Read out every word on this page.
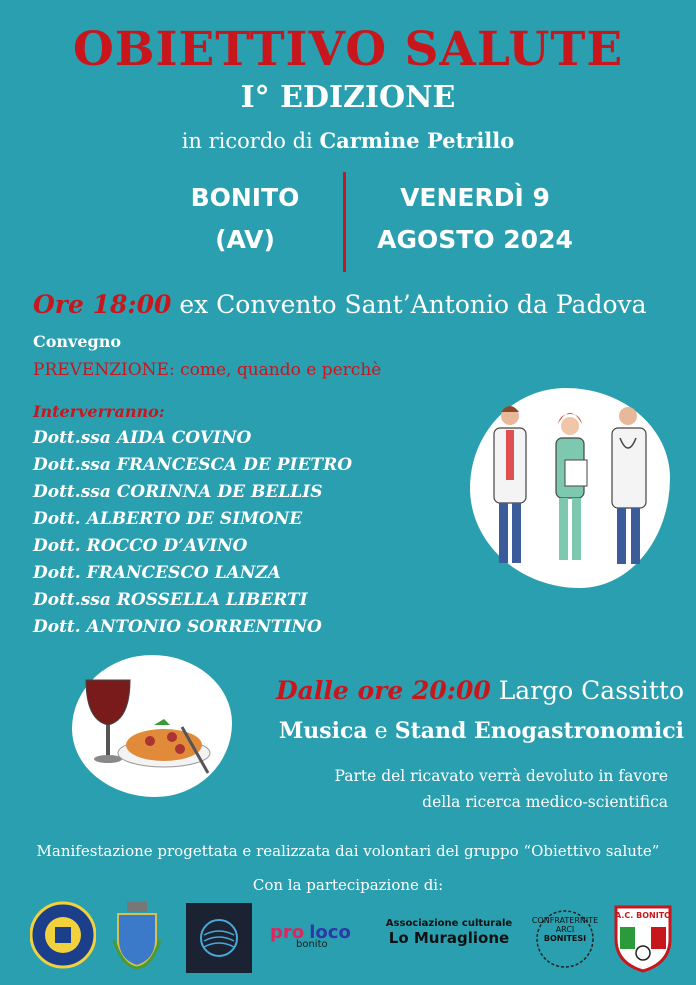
OBIETTIVO SALUTE
I° EDIZIONE
in ricordo di Carmine Petrillo
BONITO
(AV)
VENERDÌ 9
AGOSTO 2024
Ore 18:00 ex Convento Sant’Antonio da Padova
Convegno
PREVENZIONE: come, quando e perchè
Interverranno:
Dott.ssa AIDA COVINO
Dott.ssa FRANCESCA DE PIETRO
Dott.ssa CORINNA DE BELLIS
Dott. ALBERTO DE SIMONE
Dott. ROCCO D’AVINO
Dott. FRANCESCO LANZA
Dott.ssa ROSSELLA LIBERTI
Dott. ANTONIO SORRENTINO
Dalle ore 20:00 Largo Cassitto
Musica e Stand Enogastronomici
Parte del ricavato verrà devoluto in favore
della ricerca medico-scientifica
Manifestazione progettata e realizzata dai volontari del gruppo “Obiettivo salute”
Con la partecipazione di:
pro loco
bonito
Associazione culturale
Lo Muraglione
CONFRATERNITE ARCI
BONITESI
A.C. BONITO
